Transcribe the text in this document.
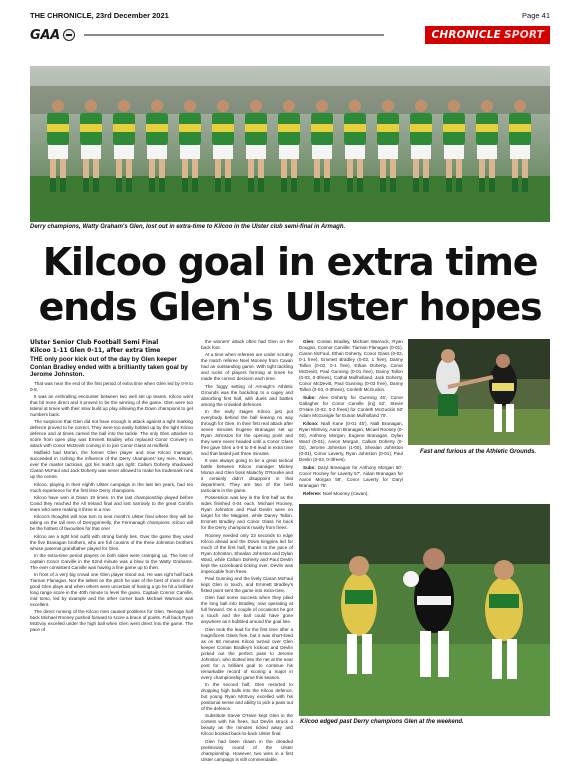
THE CHRONICLE, 23rd December 2021	Page 41
GAA	CHRONICLE SPORT
Derry champions, Watty Graham's Glen, lost out in extra-time to Kilcoo in the Ulster club semi-final in Armagh.
Kilcoo goal in extra time
ends Glen's Ulster hopes
Ulster Senior Club Football Semi Final
Kilcoo 1-11 Glen 0-11, after extra time
THE only poor kick out of the day by Glen keeper Conlan Bradley ended with a brilliantly taken goal by Jerome Johnston.

That was near the end of the first period of extra time when Glen led by 0-9 to 0-8.

It was an enthralling encounter between two well set up teams. Kilcoo went that bit more direct and it proved to be the winning of the game. Glen were too lateral at times with their slow build up play allowing the Down champions to get numbers back.

The suspicion that Glen did not have enough in attack against a tight marking defence proved to be correct. They were too easily bottled up by the tight Kilcoo defence and at times carried the ball into the tackle. The only Glen attacker to score from open play was Emmett Bradley who replaced Conor Convery in attack with Conor McDevitt coming in to join Conor Glass at midfield.

Midfield had Moran, the former Glen player and now Kilcoo manager, succeeded in curbing the influence of the Derry champions' key men. Moran, ever the master tactician, got his match ups right: Callum Doherty shadowed Ciaran McFaul and Jack Doherty was never allowed to make his trademark runs up the centre.

Kilcoo, playing in their eighth Ulster campaign in the last ten years, had too much experience for the first time Derry champions.

Kilcoo have won in Down 19 times. In the last championship played before Covid they reached the All Ireland final and lost narrowly to the great Corofin team who were making it three in a row.

Kilcoo's thoughts will now turn to next month's Ulster final where they will be taking on the tall men of Derrygonnelly, the Fermanagh champions. Kilcoo will be the hottest of favourites for that one!

Kilcoo are a tight knit outfit with strong family ties. Over the game they used the five Branagan brothers, who are full cousins of the three Johnston brothers whose paternal grandfather played for Glen.

In the extra-time period players on both sides were cramping up. The loss of captain Conor Carville in the 62nd minute was a blow to the Watty Grahams. The ever consistent Carville was having a fine game up to then.

In front of a very big crowd one Glen player stood out. He was right half back Tiarnan Flanagan. Nor the tallest on the pitch he was of the best of most of the good Glen plays and when others were uncertain of having a go he hit a brilliant long range score in the 40th minute to level the game. Captain Connor Carville, mid torso, led by example and the other corner back Michael Warnock was excellent.

The direct running of the Kilcoo men caused problems for Glen. Teenage half back Michael Rooney pushed forward to score a brace of points. Full back Ryan McEvoy excelled under the high ball when Glen went direct into the game. The pace of

the winners' attack often had Glen on the back foot.

At a time when referees are under scrutiny the match referee Noel Mooney from Cavan had an outstanding game. With tight tackling and rucks of players forming at times he made the correct decision each time.

The foggy setting of Armagh's Athletic Grounds was the backdrop to a cagey and absorbing first half, with duels and battles among the crowded defences.

In the early stages Kilcoo just put everybody behind the ball leaving no way through for Glen. In their first real attack after seven minutes Eugene Branagan set up Ryan Johnston for the opening point and they were never headed until a Conor Glass free gave Glen a 0-8 to 0-8 lead in extra time and that lasted just three minutes.

It was always going to be a great tactical battle between Kilcoo manager Mickey Moran and Glen boss Malachy O'Rourke and it certainly didn't disappoint in that department. They are two of the best tacticians in the game.

Possession was key in the first half as the sides finished 0-04 each. Michael Rooney, Ryan Johnston and Paul Devlin were on target for the Magpies, while Danny Tallon, Emmett Bradley and Conor Glass hit back for the Derry champions mainly from frees.

Rooney needed only 23 seconds to edge Kilcoo ahead and the Down kingpins led for much of the first half, thanks to the pace of Ryan Johnston, Shealan Johnston and Dylan Ward, while Callum Doherty and Paul Devlin kept the scoreboard ticking over. Devlin was impeccable from frees.

Paul Gunning and the lively Ciaran McFaul kept Glen in touch, and Emmett Bradley's fisted point sent the game into extra-time.

Glen had some success when they plied the long ball into Bradley, now operating at full forward. On a couple of occasions he got a touch and the ball could have gone anywhere as it bobbled around the goal line.

Glen took the lead for the first time after a magnificent Glass free, but it was short-lived as on 68 minutes Kilcoo turned over Glen keeper Conlan Bradley's kickout and Devlin picked out the perfect pass to Jerome Johnston, who slotted into the net at the near post for a brilliant goal to continue his remarkable record of scoring a major in every championship game this season.

In the second half, Glen resorted to dropping high balls into the Kilcoo defence, but young Ryan McEvoy excelled with his positional sense and ability to pick a pass out of the defence.

Substitute Stevie O'Hare kept Glen in the contest with his frees, but Devlin struck a beauty as the minutes ticked away and Kilcoo booked back-to-back Ulster final.

Glen had been drawn in the dreaded preliminary round of the Ulster championship. However, two wins in a first Ulster campaign is still commendable.

Glen: Conlan Bradley, Michael Warnock, Ryan Dougan, Connor Carville; Tiarnan Flanagan (0-01), Ciaran McFaul, Ethan Doherty, Conor Glass (0-02, 0-1 free), Emmett Bradley (0-02, 1 free), Danny Tallon (0-02, 0-1 free), Ethan Doherty, Conor McDevitt, Paul Gunning (0-01 free), Danny Tallon (0-03, 0-3frees), Cathal Mullholland, Jack Doherty, Conor McDevitt, Paul Gunning (0-03 free), Danny Tallon (0-03, 0-3frees), Conleth McGuckin.

Subs: Alex Doherty for Gunning 45', Conor Gallagher for Conor Carville (inj) 62', Stevie O'Hare (0-02, 0-2 frees) for Conleth McGuckin 50' Adam McGonigle for Eunan Mulholland 70'.

Kilcoo: Niall Kane (0-01 45'), Niall Branagan, Ryan McEvoy, Aaron Branagan, Micael Rooney (0-02), Anthony Morgan, Eugene Branagan, Dylan Ward (0-01), Aaron Morgan, Callum Doherty (0-02), Jerome Johnston (1-00), Shealan Johnston (0-01), Conor Laverty, Ryan Johnston (0-01), Paul Devlin (0-03, 0-3frees).

Subs: Daryl Branagan for Anthony Morgan 50', Conor Rooney for Laverty 57', Aidan Branagan for Aaron Morgan 58', Conor Laverty for Daryl Branagan 75'.

Referee: Noel Mooney (Cavan).

Fast and furious at the Athletic Grounds.
Kilcoo edged past Derry champions Glen at the weekend.
